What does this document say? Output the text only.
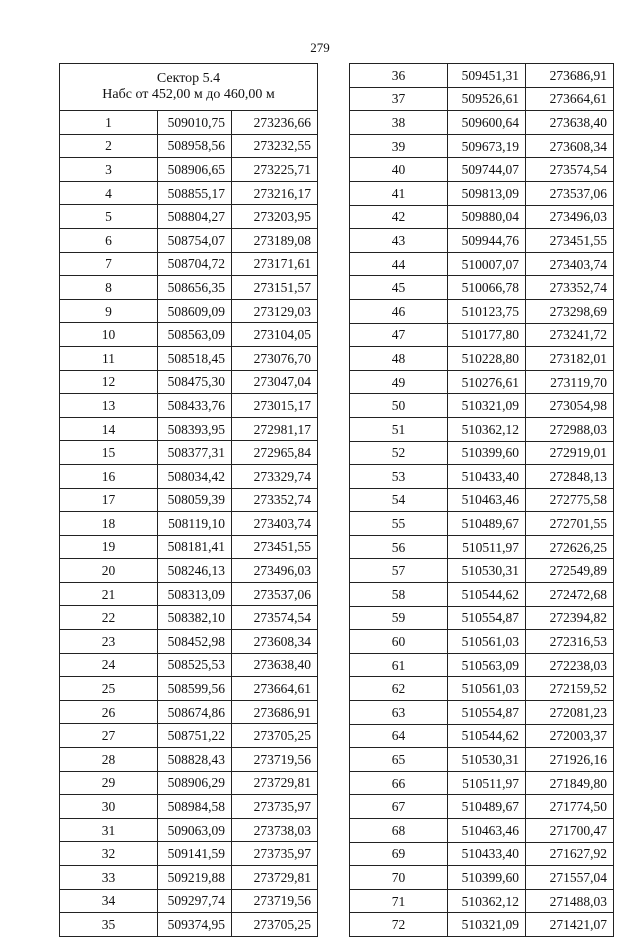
279
Сектор 5.4
Набс от 452,00 м до 460,00 м		

1	509010,75	273236,66
2	508958,56	273232,55
3	508906,65	273225,71
4	508855,17	273216,17
5	508804,27	273203,95
6	508754,07	273189,08
7	508704,72	273171,61
8	508656,35	273151,57
9	508609,09	273129,03
10	508563,09	273104,05
11	508518,45	273076,70
12	508475,30	273047,04
13	508433,76	273015,17
14	508393,95	272981,17
15	508377,31	272965,84
16	508034,42	273329,74
17	508059,39	273352,74
18	508119,10	273403,74
19	508181,41	273451,55
20	508246,13	273496,03
21	508313,09	273537,06
22	508382,10	273574,54
23	508452,98	273608,34
24	508525,53	273638,40
25	508599,56	273664,61
26	508674,86	273686,91
27	508751,22	273705,25
28	508828,43	273719,56
29	508906,29	273729,81
30	508984,58	273735,97
31	509063,09	273738,03
32	509141,59	273735,97
33	509219,88	273729,81
34	509297,74	273719,56
35	509374,95	273705,25
36	509451,31	273686,91
37	509526,61	273664,61
38	509600,64	273638,40
39	509673,19	273608,34
40	509744,07	273574,54
41	509813,09	273537,06
42	509880,04	273496,03
43	509944,76	273451,55
44	510007,07	273403,74
45	510066,78	273352,74
46	510123,75	273298,69
47	510177,80	273241,72
48	510228,80	273182,01
49	510276,61	273119,70
50	510321,09	273054,98
51	510362,12	272988,03
52	510399,60	272919,01
53	510433,40	272848,13
54	510463,46	272775,58
55	510489,67	272701,55
56	510511,97	272626,25
57	510530,31	272549,89
58	510544,62	272472,68
59	510554,87	272394,82
60	510561,03	272316,53
61	510563,09	272238,03
62	510561,03	272159,52
63	510554,87	272081,23
64	510544,62	272003,37
65	510530,31	271926,16
66	510511,97	271849,80
67	510489,67	271774,50
68	510463,46	271700,47
69	510433,40	271627,92
70	510399,60	271557,04
71	510362,12	271488,03
72	510321,09	271421,07
